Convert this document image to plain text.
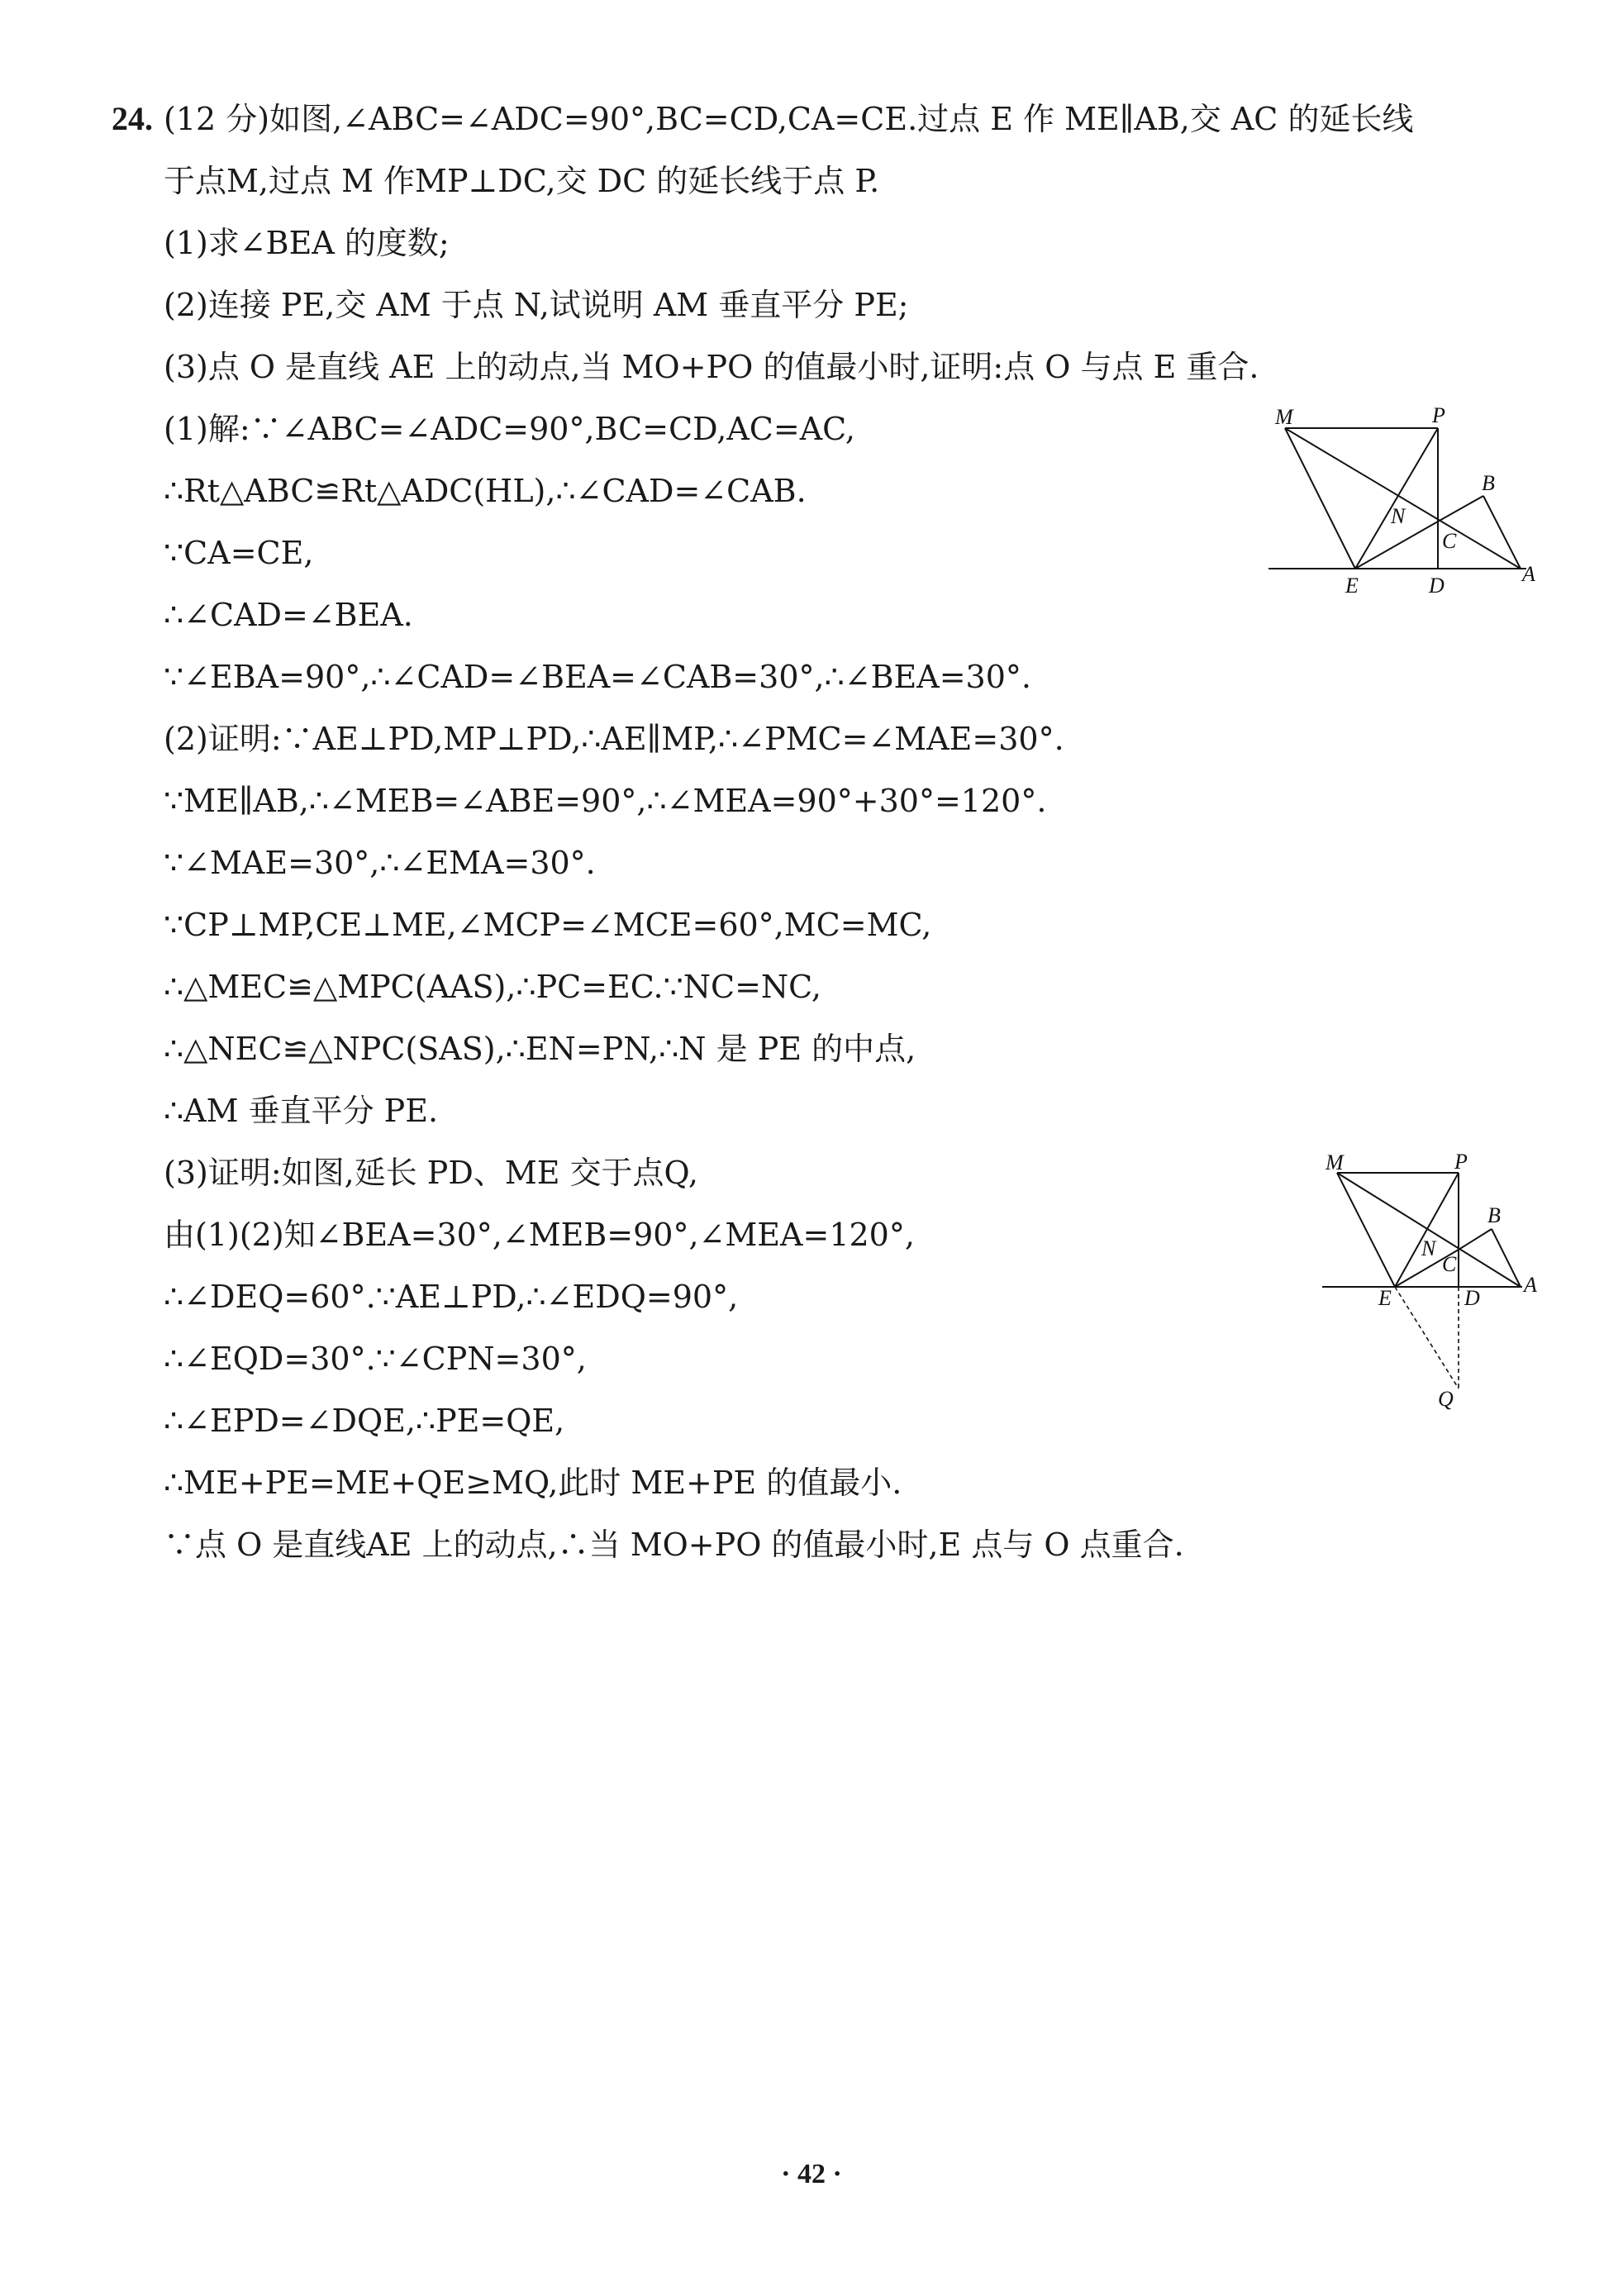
24. (12 分)如图,∠ABC=∠ADC=90°,BC=CD,CA=CE.过点 E 作 ME∥AB,交 AC 的延长线
于点M,过点 M 作MP⊥DC,交 DC 的延长线于点 P.
(1)求∠BEA 的度数;
(2)连接 PE,交 AM 于点 N,试说明 AM 垂直平分 PE;
(3)点 O 是直线 AE 上的动点,当 MO+PO 的值最小时,证明:点 O 与点 E 重合.
(1)解:∵∠ABC=∠ADC=90°,BC=CD,AC=AC,
∴Rt△ABC≌Rt△ADC(HL),∴∠CAD=∠CAB.
∵CA=CE,
∴∠CAD=∠BEA.
∵∠EBA=90°,∴∠CAD=∠BEA=∠CAB=30°,∴∠BEA=30°.
(2)证明:∵AE⊥PD,MP⊥PD,∴AE∥MP,∴∠PMC=∠MAE=30°.
∵ME∥AB,∴∠MEB=∠ABE=90°,∴∠MEA=90°+30°=120°.
∵∠MAE=30°,∴∠EMA=30°.
∵CP⊥MP,CE⊥ME,∠MCP=∠MCE=60°,MC=MC,
∴△MEC≌△MPC(AAS),∴PC=EC.∵NC=NC,
∴△NEC≌△NPC(SAS),∴EN=PN,∴N 是 PE 的中点,
∴AM 垂直平分 PE.
(3)证明:如图,延长 PD、ME 交于点Q,
由(1)(2)知∠BEA=30°,∠MEB=90°,∠MEA=120°,
∴∠DEQ=60°.∵AE⊥PD,∴∠EDQ=90°,
∴∠EQD=30°.∵∠CPN=30°,
∴∠EPD=∠DQE,∴PE=QE,
∴ME+PE=ME+QE≥MQ,此时 ME+PE 的值最小.
∵点 O 是直线AE 上的动点,∴当 MO+PO 的值最小时,E 点与 O 点重合.
M	P
B
N
C
E	D	A
M	P
B
N
C
E	D
A
Q
· 42 ·
